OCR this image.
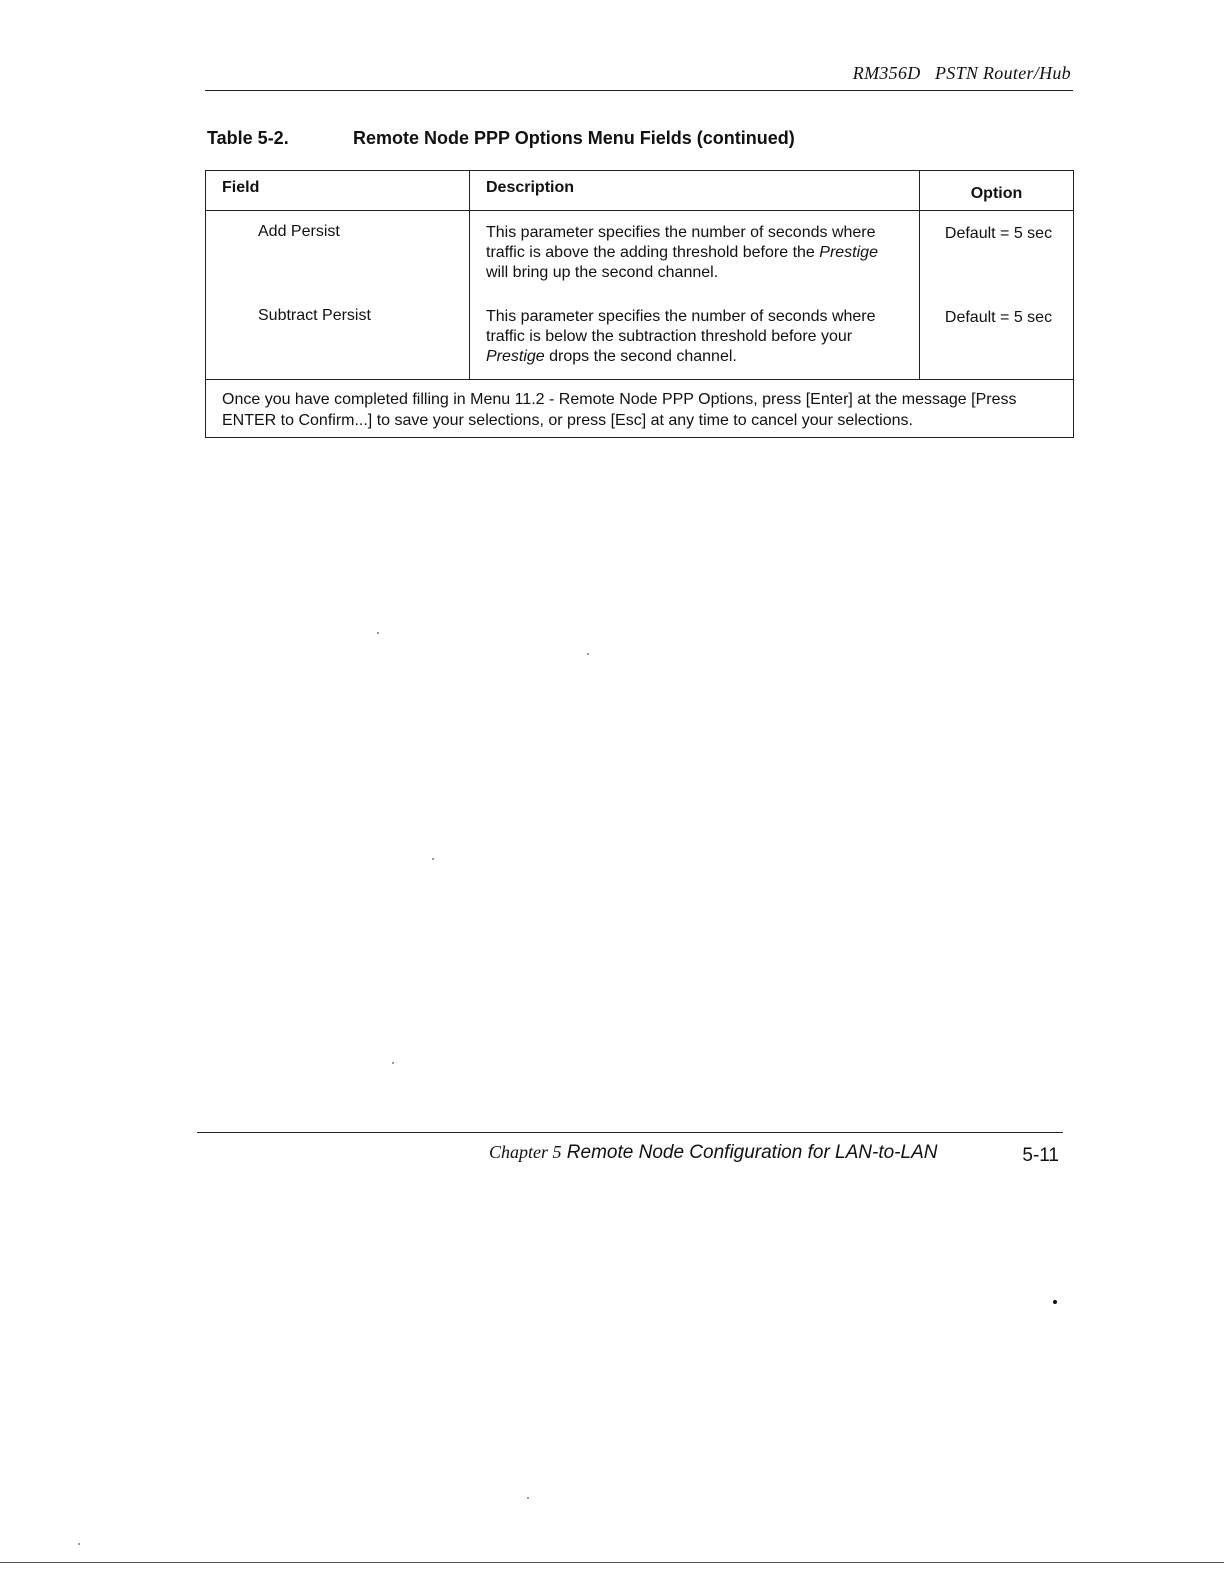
RM356D   PSTN Router/Hub
Table 5-2.	Remote Node PPP Options Menu Fields (continued)
Field	Description	Option
Add Persist	This parameter specifies the number of seconds where traffic is above the adding threshold before the Prestige will bring up the second channel.	Default = 5 sec
Subtract Persist	This parameter specifies the number of seconds where traffic is below the subtraction threshold before your Prestige drops the second channel.	Default = 5 sec
Once you have completed filling in Menu 11.2 - Remote Node PPP Options, press [Enter] at the message [Press ENTER to Confirm...] to save your selections, or press [Esc] at any time to cancel your selections.		
Chapter 5 Remote Node Configuration for LAN-to-LAN	5-11
